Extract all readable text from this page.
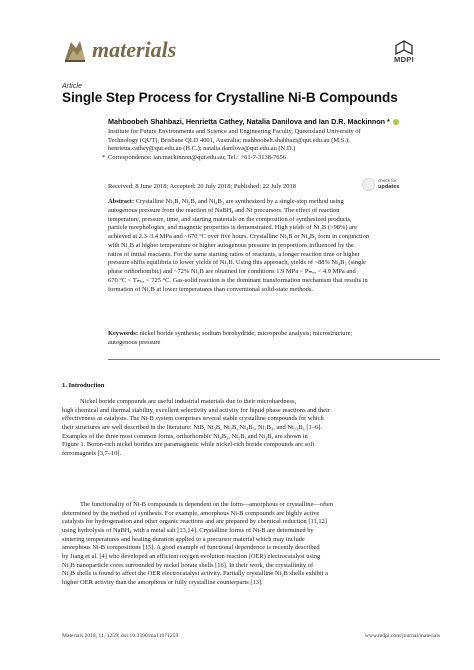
materials	MDPI
Article
Single Step Process for Crystalline Ni-B Compounds
Mahboobeh Shahbazi, Henrietta Cathey, Natalia Danilova and Ian D.R. Mackinnon *
Institute for Future Environments and Science and Engineering Faculty, Queensland University of
Technology (QUT), Brisbane QLD 4001, Australia; mahboobeh.shahbazi@qut.edu.au (M.S.);
henrietta.cathey@qut.edu.au (H.C.); natalia.danilova@qut.edu.au (N.D.)
* Correspondence: ian.mackinnon@qut.edu.au; Tel.: +61-7-3138-7656
Received: 8 June 2018; Accepted: 20 July 2018; Published: 22 July 2018
check for
updates
Abstract: Crystalline Ni₃B, Ni₂B, and Ni₄B₃ are synthesized by a single-step method using
autogenous pressure from the reaction of NaBH₄ and Ni precursors. The effect of reaction
temperature, pressure, time, and starting materials on the composition of synthesized products,
particle morphologies, and magnetic properties is demonstrated. High yields of Ni₂B (>98%) are
achieved at 2.3–3.4 MPa and ~670 °C over five hours. Crystalline Ni₃B or Ni₄B₃ form in conjunction
with Ni₂B at higher temperature or higher autogenous pressure in proportions influenced by the
ratios of initial reactants. For the same starting ratios of reactants, a longer reaction time or higher
pressure shifts equilibria to lower yields of Ni₂B. Using this approach, yields of ~88% Ni₄B₃ (single
phase orthorhombic) and ~72% Ni₃B are obtained for conditions 1.9 MPa < Pₘₐₓ < 4.9 MPa and
670 °C < Tₘₐₓ < 725 °C. Gas-solid reaction is the dominant transformation mechanism that results in
formation of Ni₂B at lower temperatures than conventional solid-state methods.
Keywords: nickel boride synthesis; sodium borohydride; microprobe analysis; microstructure;
autogenous pressure
1. Introduction
Nickel boride compounds are useful industrial materials due to their microhardness,
high chemical and thermal stability, excellent selectivity and activity for liquid phase reactions and their
effectiveness as catalysts. The Ni-B system comprises several stable crystalline compounds for which
their structures are well described in the literature: NiB, Ni₃B, Ni₂B, Ni₄B₃, Ni₇B₃, and Ni₂₃B₆ [1–6].
Examples of the three most common forms, orthorhombic Ni₄B₃, Ni₂B, and Ni₃B, are shown in
Figure 1. Boron-rich nickel borides are paramagnetic while nickel-rich boride compounds are soft
ferromagnets [3,7–10].
The functionality of Ni-B compounds is dependent on the form—amorphous or crystalline—often
determined by the method of synthesis. For example, amorphous Ni-B compounds are highly active
catalysts for hydrogenation and other organic reactions and are prepared by chemical reduction [11,12]
using hydrolysis of NaBH₄ with a metal salt [13,14]. Crystalline forms of Ni-B are determined by
sintering temperatures and heating duration applied to a precursor material which may include
amorphous Ni-B compositions [15]. A good example of functional dependence is recently described
by Jiang et al. [4] who developed an efficient oxygen evolution reaction (OER) electrocatalyst using
Ni₃B nanoparticle cores surrounded by nickel borate shells [16]. In their work, the crystallinity of
Ni₃B shells is found to affect the OER electrocatalyst activity. Partially crystalline Ni₃B shells exhibit a
higher OER activity than the amorphous or fully crystalline counterparts [13].
Materials 2018, 11, 1259; doi:10.3390/ma11071259	www.mdpi.com/journal/materials
